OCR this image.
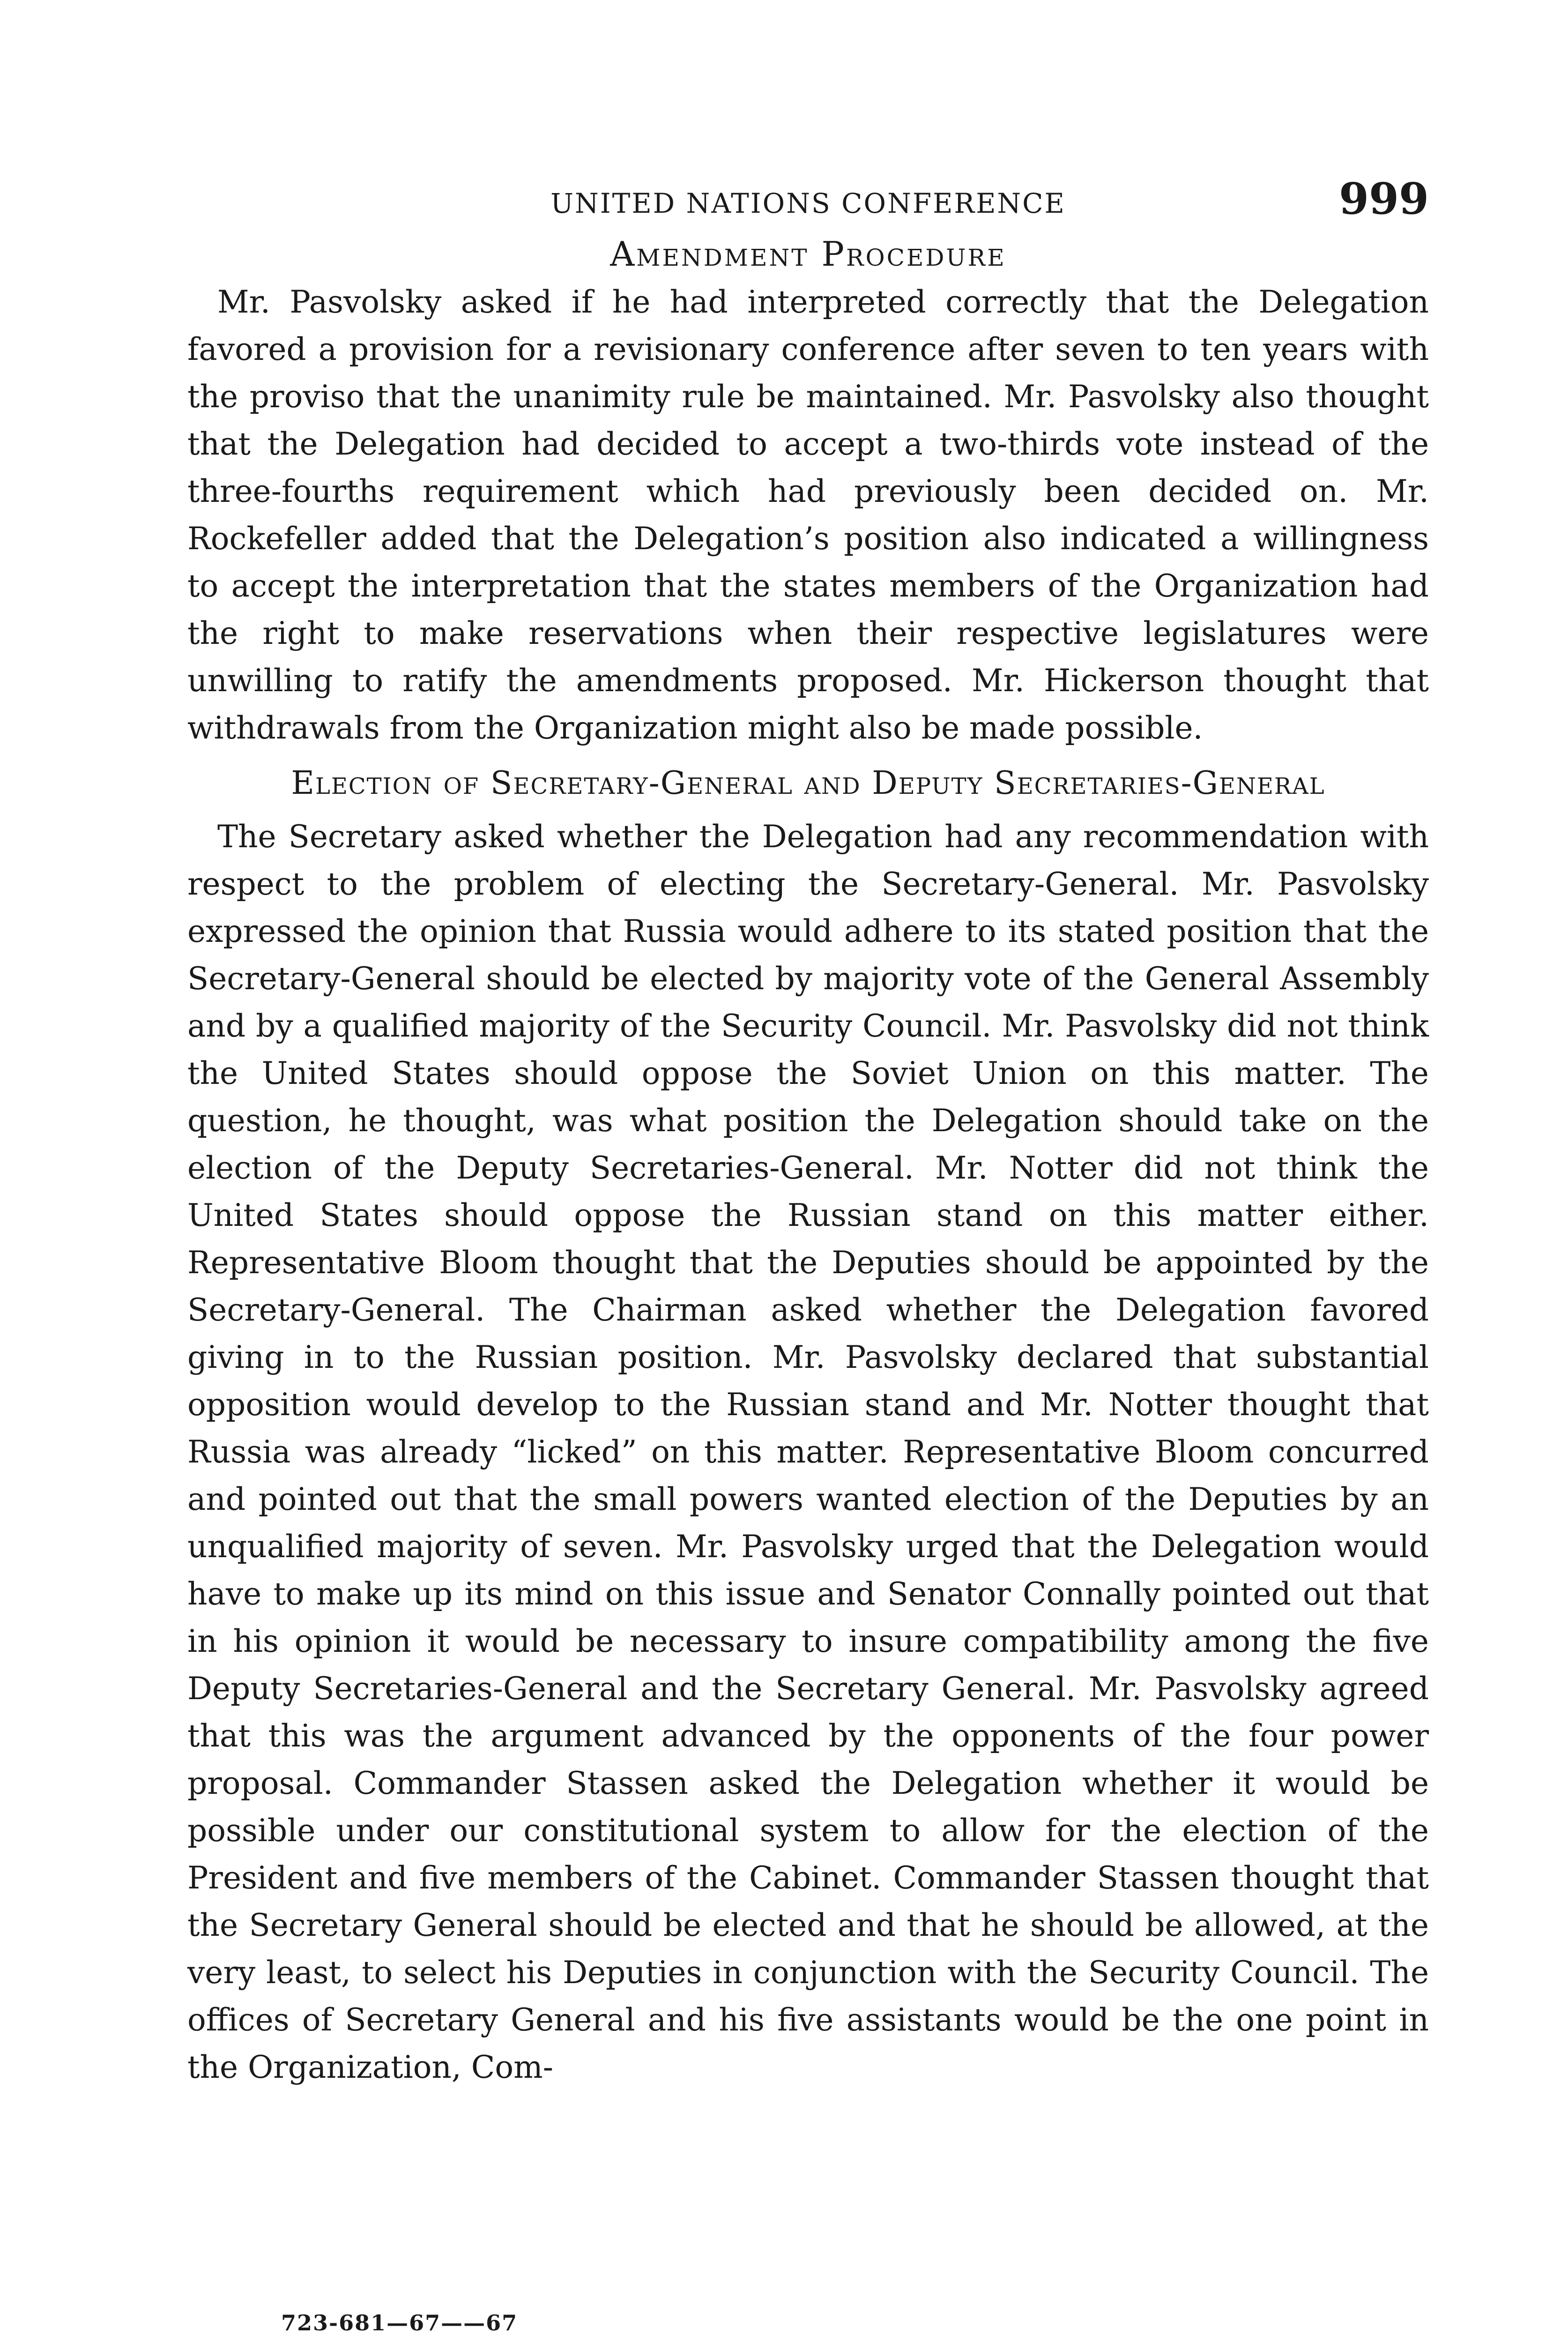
UNITED NATIONS CONFERENCE	999
Amendment Procedure

Mr. Pasvolsky asked if he had interpreted correctly that the Delegation favored a provision for a revisionary conference after seven to ten years with the proviso that the unanimity rule be maintained. Mr. Pasvolsky also thought that the Delegation had decided to accept a two-thirds vote instead of the three-fourths requirement which had previously been decided on. Mr. Rockefeller added that the Delegation’s position also indicated a willingness to accept the interpretation that the states members of the Organization had the right to make reservations when their respective legislatures were unwilling to ratify the amendments proposed. Mr. Hickerson thought that withdrawals from the Organization might also be made possible.

Election of Secretary-General and Deputy Secretaries-General

The Secretary asked whether the Delegation had any recommendation with respect to the problem of electing the Secretary-General. Mr. Pasvolsky expressed the opinion that Russia would adhere to its stated position that the Secretary-General should be elected by majority vote of the General Assembly and by a qualified majority of the Security Council. Mr. Pasvolsky did not think the United States should oppose the Soviet Union on this matter. The question, he thought, was what position the Delegation should take on the election of the Deputy Secretaries-General. Mr. Notter did not think the United States should oppose the Russian stand on this matter either. Representative Bloom thought that the Deputies should be appointed by the Secretary-General. The Chairman asked whether the Delegation favored giving in to the Russian position. Mr. Pasvolsky declared that substantial opposition would develop to the Russian stand and Mr. Notter thought that Russia was already “licked” on this matter. Representative Bloom concurred and pointed out that the small powers wanted election of the Deputies by an unqualified majority of seven. Mr. Pasvolsky urged that the Delegation would have to make up its mind on this issue and Senator Connally pointed out that in his opinion it would be necessary to insure compatibility among the five Deputy Secretaries-General and the Secretary General. Mr. Pasvolsky agreed that this was the argument advanced by the opponents of the four power proposal. Commander Stassen asked the Delegation whether it would be possible under our constitutional system to allow for the election of the President and five members of the Cabinet. Commander Stassen thought that the Secretary General should be elected and that he should be allowed, at the very least, to select his Deputies in conjunction with the Security Council. The offices of Secretary General and his five assistants would be the one point in the Organization, Com-

723-681—67——67
